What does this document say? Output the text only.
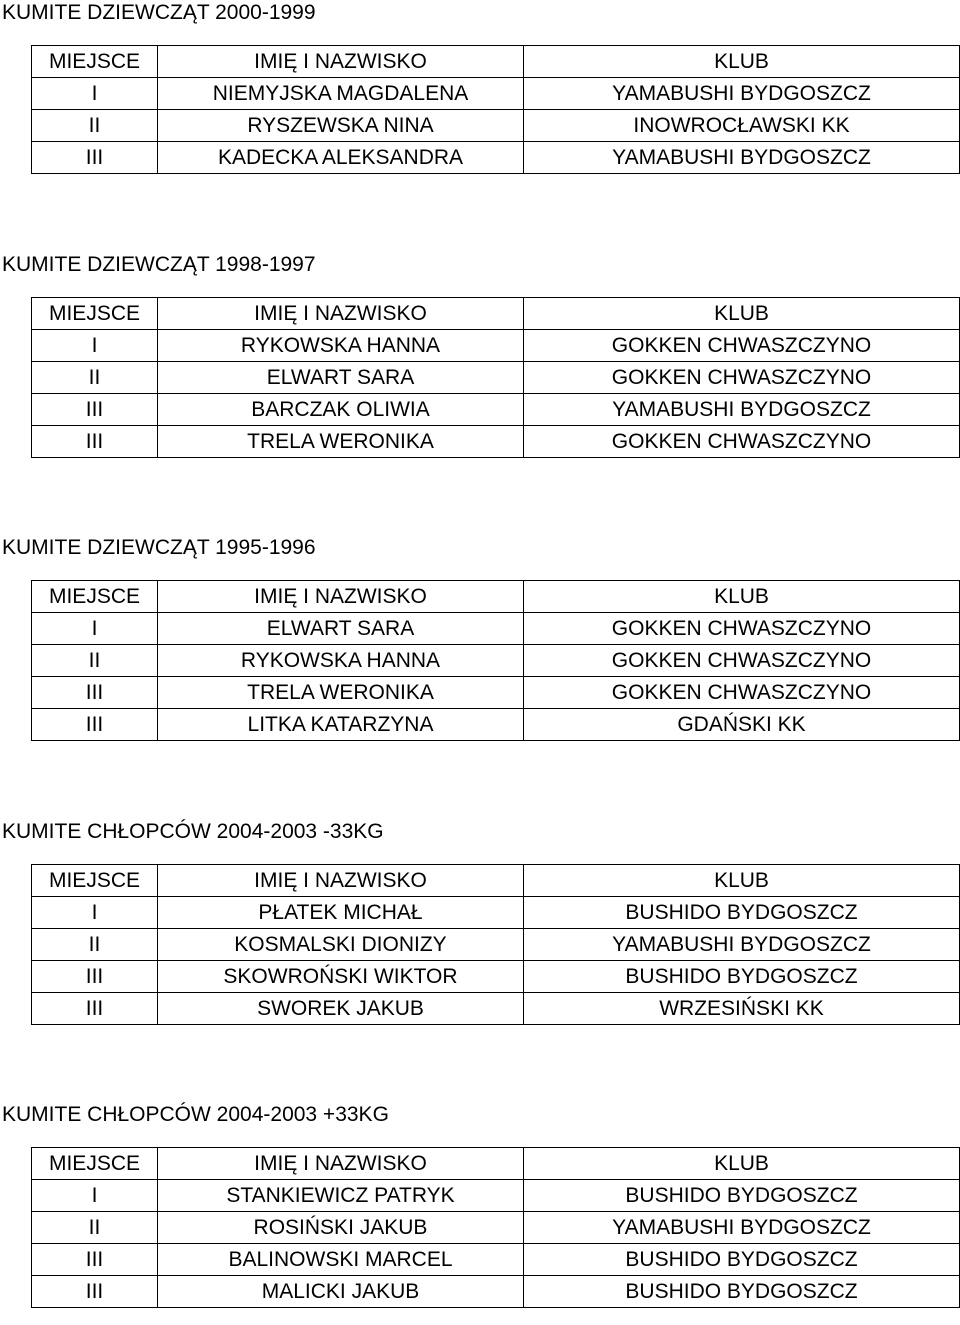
KUMITE DZIEWCZĄT 2000-1999
MIEJSCE	IMIĘ I NAZWISKO	KLUB
I	NIEMYJSKA MAGDALENA	YAMABUSHI BYDGOSZCZ
II	RYSZEWSKA NINA	INOWROCŁAWSKI KK
III	KADECKA ALEKSANDRA	YAMABUSHI BYDGOSZCZ
KUMITE DZIEWCZĄT 1998-1997
MIEJSCE	IMIĘ I NAZWISKO	KLUB
I	RYKOWSKA HANNA	GOKKEN CHWASZCZYNO
II	ELWART SARA	GOKKEN CHWASZCZYNO
III	BARCZAK OLIWIA	YAMABUSHI BYDGOSZCZ
III	TRELA WERONIKA	GOKKEN CHWASZCZYNO
KUMITE DZIEWCZĄT 1995-1996
MIEJSCE	IMIĘ I NAZWISKO	KLUB
I	ELWART SARA	GOKKEN CHWASZCZYNO
II	RYKOWSKA HANNA	GOKKEN CHWASZCZYNO
III	TRELA WERONIKA	GOKKEN CHWASZCZYNO
III	LITKA KATARZYNA	GDAŃSKI KK
KUMITE CHŁOPCÓW 2004-2003 -33KG
MIEJSCE	IMIĘ I NAZWISKO	KLUB
I	PŁATEK MICHAŁ	BUSHIDO BYDGOSZCZ
II	KOSMALSKI DIONIZY	YAMABUSHI BYDGOSZCZ
III	SKOWROŃSKI WIKTOR	BUSHIDO BYDGOSZCZ
III	SWOREK JAKUB	WRZESIŃSKI KK
KUMITE CHŁOPCÓW 2004-2003 +33KG
MIEJSCE	IMIĘ I NAZWISKO	KLUB
I	STANKIEWICZ PATRYK	BUSHIDO BYDGOSZCZ
II	ROSIŃSKI JAKUB	YAMABUSHI BYDGOSZCZ
III	BALINOWSKI MARCEL	BUSHIDO BYDGOSZCZ
III	MALICKI JAKUB	BUSHIDO BYDGOSZCZ
